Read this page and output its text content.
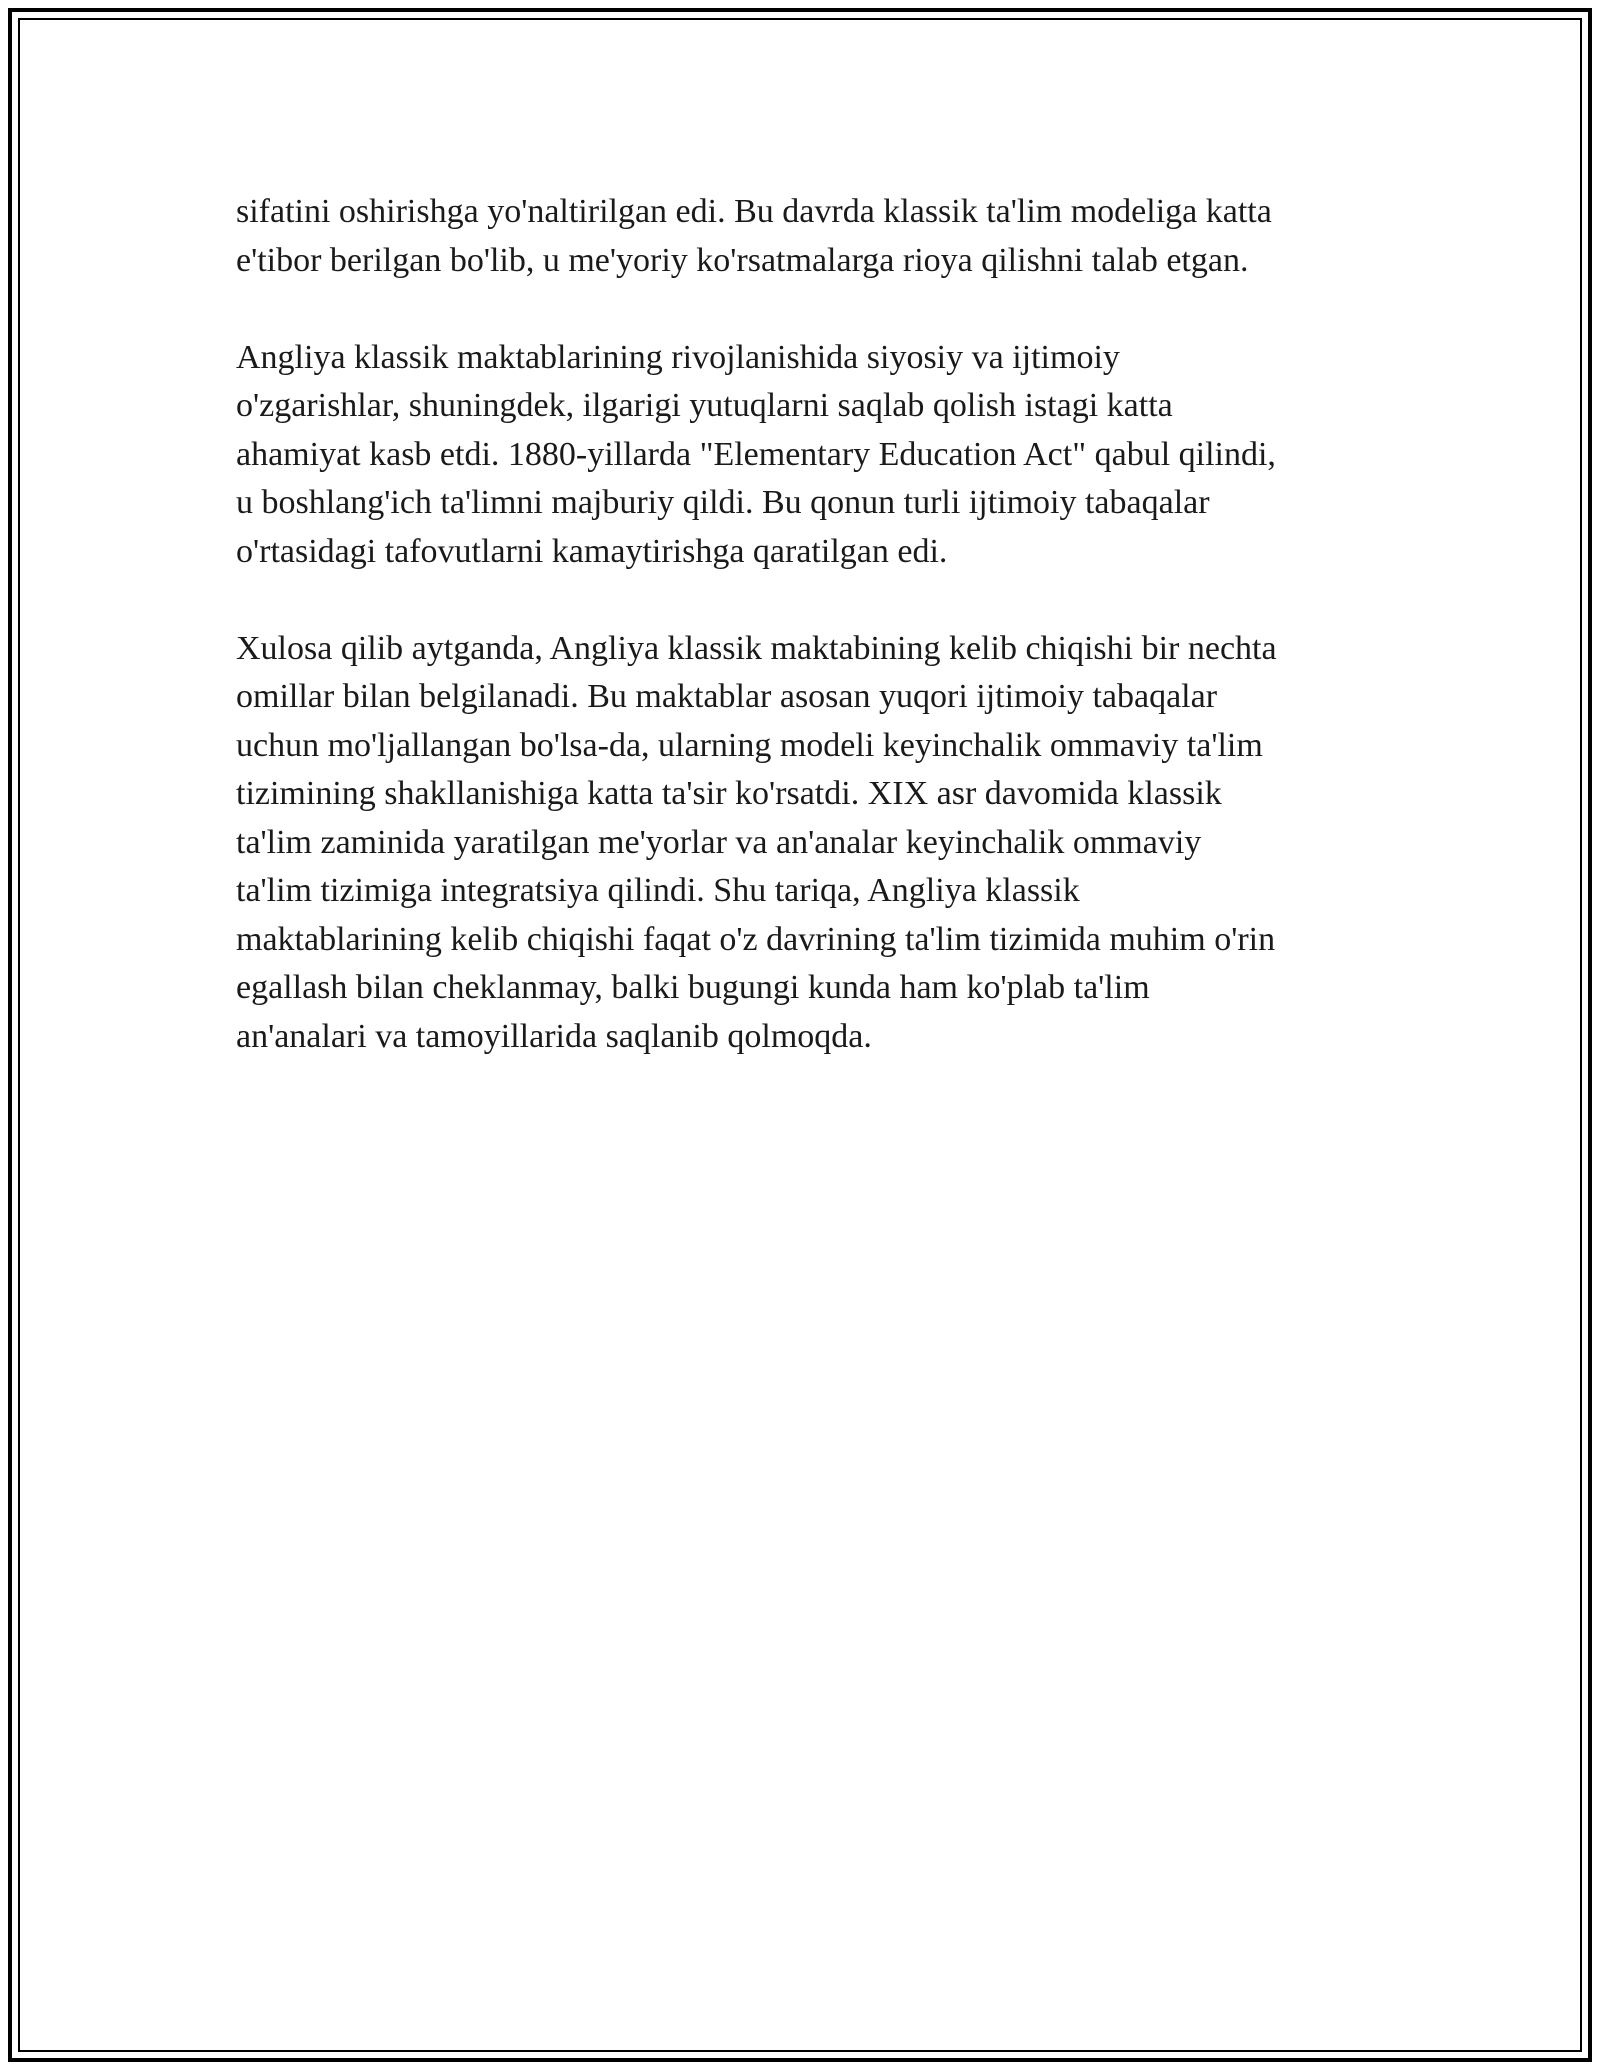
sifatini oshirishga yo'naltirilgan edi. Bu davrda klassik ta'lim modeliga katta
e'tibor berilgan bo'lib, u me'yoriy ko'rsatmalarga rioya qilishni talab etgan.

Angliya klassik maktablarining rivojlanishida siyosiy va ijtimoiy
o'zgarishlar, shuningdek, ilgarigi yutuqlarni saqlab qolish istagi katta
ahamiyat kasb etdi. 1880-yillarda "Elementary Education Act" qabul qilindi,
u boshlang'ich ta'limni majburiy qildi. Bu qonun turli ijtimoiy tabaqalar
o'rtasidagi tafovutlarni kamaytirishga qaratilgan edi.

Xulosa qilib aytganda, Angliya klassik maktabining kelib chiqishi bir nechta
omillar bilan belgilanadi. Bu maktablar asosan yuqori ijtimoiy tabaqalar
uchun mo'ljallangan bo'lsa-da, ularning modeli keyinchalik ommaviy ta'lim
tizimining shakllanishiga katta ta'sir ko'rsatdi. XIX asr davomida klassik
ta'lim zaminida yaratilgan me'yorlar va an'analar keyinchalik ommaviy
ta'lim tizimiga integratsiya qilindi. Shu tariqa, Angliya klassik
maktablarining kelib chiqishi faqat o'z davrining ta'lim tizimida muhim o'rin
egallash bilan cheklanmay, balki bugungi kunda ham ko'plab ta'lim
an'analari va tamoyillarida saqlanib qolmoqda.
